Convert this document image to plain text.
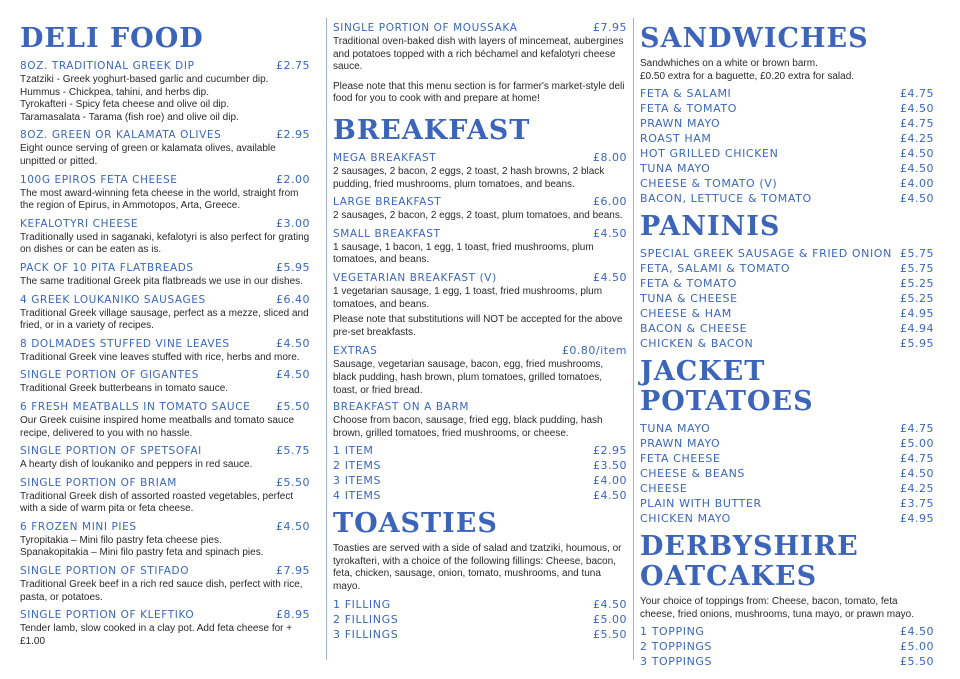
DELI FOOD
8OZ. TRADITIONAL GREEK DIP	£2.75
Tzatziki - Greek yoghurt-based garlic and cucumber dip.
Hummus - Chickpea, tahini, and herbs dip.
Tyrokafteri - Spicy feta cheese and olive oil dip.
Taramasalata - Tarama (fish roe) and olive oil dip.
8OZ. GREEN OR KALAMATA OLIVES	£2.95
Eight ounce serving of green or kalamata olives, available unpitted or pitted.
100G EPIROS FETA CHEESE	£2.00
The most award-winning feta cheese in the world, straight from the region of Epirus, in Ammotopos, Arta, Greece.
KEFALOTYRI CHEESE	£3.00
Traditionally used in saganaki, kefalotyri is also perfect for grating on dishes or can be eaten as is.
PACK OF 10 PITA FLATBREADS	£5.95
The same traditional Greek pita flatbreads we use in our dishes.
4 GREEK LOUKANIKO SAUSAGES	£6.40
Traditional Greek village sausage, perfect as a mezze, sliced and fried, or in a variety of recipes.
8 DOLMADES STUFFED VINE LEAVES	£4.50
Traditional Greek vine leaves stuffed with rice, herbs and more.
SINGLE PORTION OF GIGANTES	£4.50
Traditional Greek butterbeans in tomato sauce.
6 FRESH MEATBALLS IN TOMATO SAUCE £5.50
Our Greek cuisine inspired home meatballs and tomato sauce recipe, delivered to you with no hassle.
SINGLE PORTION OF SPETSOFAI	£5.75
A hearty dish of loukaniko and peppers in red sauce.
SINGLE PORTION OF BRIAM	£5.50
Traditional Greek dish of assorted roasted vegetables, perfect with a side of warm pita or feta cheese.
6 FROZEN MINI PIES	£4.50
Tyropitakia – Mini filo pastry feta cheese pies.
Spanakopitakia – Mini filo pastry feta and spinach pies.
SINGLE PORTION OF STIFADO	£7.95
Traditional Greek beef in a rich red sauce dish, perfect with rice, pasta, or potatoes.
SINGLE PORTION OF KLEFTIKO	£8.95
Tender lamb, slow cooked in a clay pot. Add feta cheese for +£1.00
SINGLE PORTION OF MOUSSAKA	£7.95
Traditional oven-baked dish with layers of mincemeat, aubergines and potatoes topped with a rich béchamel and kefalotyri cheese sauce.
Please note that this menu section is for farmer's market-style deli food for you to cook with and prepare at home!
BREAKFAST
MEGA BREAKFAST	£8.00
2 sausages, 2 bacon, 2 eggs, 2 toast, 2 hash browns, 2 black pudding, fried mushrooms, plum tomatoes, and beans.
LARGE BREAKFAST	£6.00
2 sausages, 2 bacon, 2 eggs, 2 toast, plum tomatoes, and beans.
SMALL BREAKFAST	£4.50
1 sausage, 1 bacon, 1 egg, 1 toast, fried mushrooms, plum tomatoes, and beans.
VEGETARIAN BREAKFAST (V)	£4.50
1 vegetarian sausage, 1 egg, 1 toast, fried mushrooms, plum tomatoes, and beans.
Please note that substitutions will NOT be accepted for the above pre-set breakfasts.
EXTRAS	£0.80/item
Sausage, vegetarian sausage, bacon, egg, fried mushrooms, black pudding, hash brown, plum tomatoes, grilled tomatoes, toast, or fried bread.
BREAKFAST ON A BARM
Choose from bacon, sausage, fried egg, black pudding, hash brown, grilled tomatoes, fried mushrooms, or cheese.
1 ITEM	£2.95
2 ITEMS	£3.50
3 ITEMS	£4.00
4 ITEMS	£4.50
TOASTIES
Toasties are served with a side of salad and tzatziki, houmous, or tyrokafteri, with a choice of the following fillings: Cheese, bacon, feta, chicken, sausage, onion, tomato, mushrooms, and tuna mayo.
1 FILLING	£4.50
2 FILLINGS	£5.00
3 FILLINGS	£5.50
SANDWICHES
Sandwhiches on a white or brown barm.
£0.50 extra for a baguette, £0.20 extra for salad.
FETA & SALAMI	£4.75
FETA & TOMATO	£4.50
PRAWN MAYO	£4.75
ROAST HAM	£4.25
HOT GRILLED CHICKEN	£4.50
TUNA MAYO	£4.50
CHEESE & TOMATO (V)	£4.00
BACON, LETTUCE & TOMATO	£4.50
PANINIS
SPECIAL GREEK SAUSAGE & FRIED ONION £5.75
FETA, SALAMI & TOMATO	£5.75
FETA & TOMATO	£5.25
TUNA & CHEESE	£5.25
CHEESE & HAM	£4.95
BACON & CHEESE	£4.94
CHICKEN & BACON	£5.95
JACKET POTATOES
TUNA MAYO	£4.75
PRAWN MAYO	£5.00
FETA CHEESE	£4.75
CHEESE & BEANS	£4.50
CHEESE	£4.25
PLAIN WITH BUTTER	£3.75
CHICKEN MAYO	£4.95
DERBYSHIRE OATCAKES
Your choice of toppings from: Cheese, bacon, tomato, feta cheese, fried onions, mushrooms, tuna mayo, or prawn mayo.
1 TOPPING	£4.50
2 TOPPINGS	£5.00
3 TOPPINGS	£5.50
